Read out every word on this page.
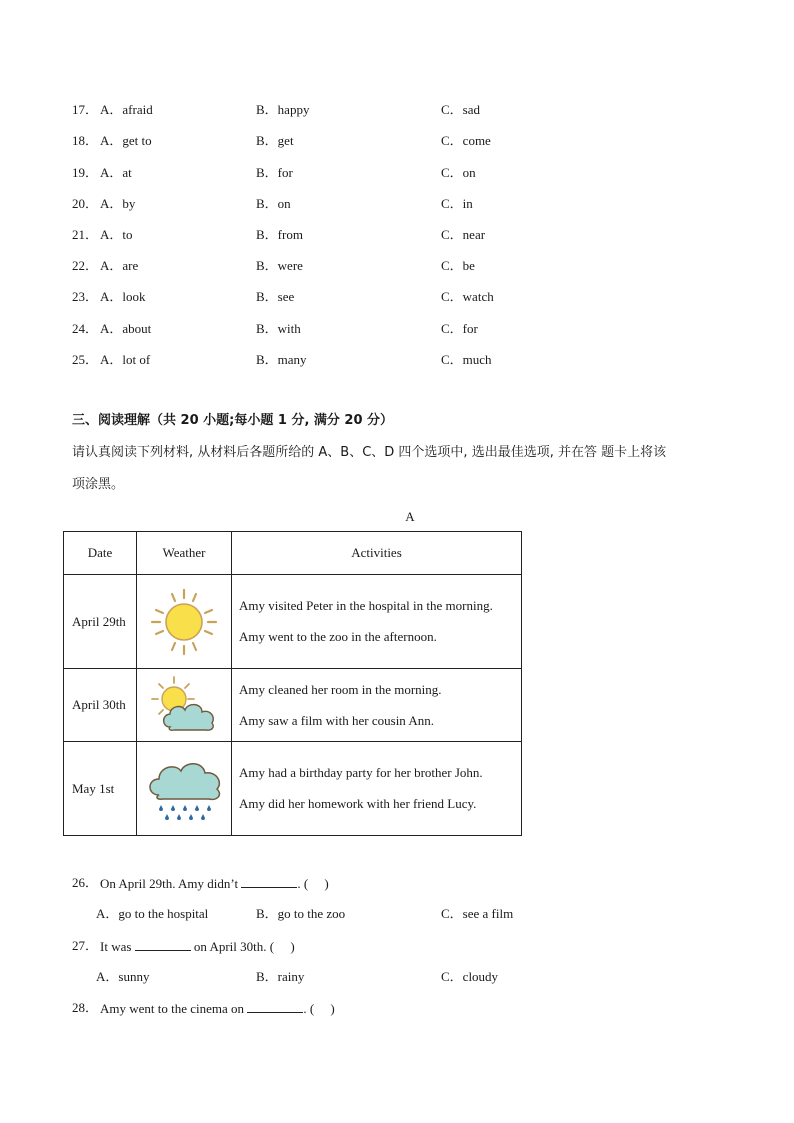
17． A．afraid	B．happy	C．sad
18． A．get to	B．get	C．come
19． A．at	B．for	C．on
20． A．by	B．on	C．in
21． A．to	B．from	C．near
22． A．are	B．were	C．be
23． A．look	B．see	C．watch
24． A．about	B．with	C．for
25． A．lot of	B．many	C．much
三、阅读理解（共 20 小题;每小题 1 分, 满分 20 分）
请认真阅读下列材料, 从材料后各题所给的 A、B、C、D 四个选项中, 选出最佳选项, 并在答 题卡上将该
项涂黑。
A
Date	Weather	Activities
April 29th		Amy visited Peter in the hospital in the morning.
Amy went to the zoo in the afternoon.

April 30th		Amy cleaned her room in the morning.
Amy saw a film with her cousin Ann.

May 1st		Amy had a birthday party for her brother John.
Amy did her homework with her friend Lucy.
26． On April 29th. Amy didn’t	. (　 )
A．go to the hospital	B．go to the zoo	C．see a film
27． It was	on April 30th. (　 )
A．sunny	B．rainy	C．cloudy
28． Amy went to the cinema on	. (　 )
